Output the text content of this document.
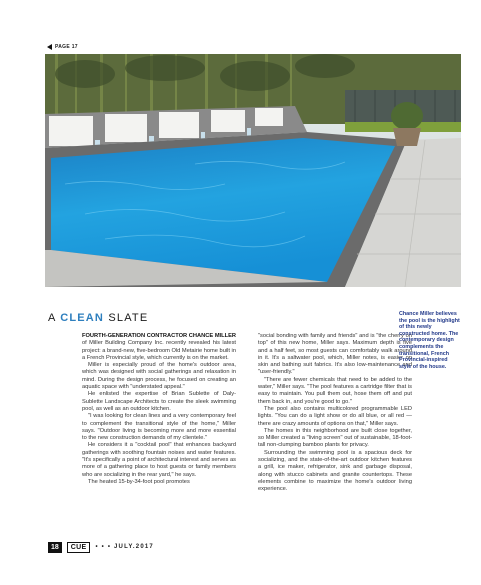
PAGE 17
A CLEAN SLATE

FOURTH-GENERATION CONTRACTOR CHANCE MILLER of Miller Building Company Inc. recently revealed his latest project: a brand-new, five-bedroom Old Metairie home built in a French Provincial style, which currently is on the market.

Miller is especially proud of the home's outdoor area, which was designed with social gatherings and relaxation in mind. During the design process, he focused on creating an aquatic space with "understated appeal."

He enlisted the expertise of Brian Sublette of Daly-Sublette Landscape Architects to create the sleek swimming pool, as well as an outdoor kitchen.

"I was looking for clean lines and a very contemporary feel to complement the transitional style of the home," Miller says. "Outdoor living is becoming more and more essential to the new construction demands of my clientele."

He considers it a "cocktail pool" that enhances backyard gatherings with soothing fountain noises and water features. "It's specifically a point of architectural interest and serves as more of a gathering place to host guests or family members who are socializing in the rear yard," he says.

The heated 15-by-34-foot pool promotes

"social bonding with family and friends" and is "the cherry on top" of this new home, Miller says. Maximum depth is five and a half feet, so most guests can comfortably walk around in it. It's a saltwater pool, which, Miller notes, is easier on skin and bathing suit fabrics. It's also low-maintenance and "user-friendly."

"There are fewer chemicals that need to be added to the water," Miller says. "The pool features a cartridge filter that is easy to maintain. You pull them out, hose them off and put them back in, and you're good to go."

The pool also contains multicolored programmable LED lights. "You can do a light show or do all blue, or all red — there are crazy amounts of options on that," Miller says.

The homes in this neighborhood are built close together, so Miller created a "living screen" out of sustainable, 18-foot-tall non-clumping bamboo plants for privacy.

Surrounding the swimming pool is a spacious deck for socializing, and the state-of-the-art outdoor kitchen features a grill, ice maker, refrigerator, sink and garbage disposal, along with stucco cabinets and granite countertops. These elements combine to maximize the home's outdoor living experience.

Chance Miller believes the pool is the highlight of this newly constructed home. The contemporary design complements the transitional, French Provincial-inspired style of the house.
18	CUE	• • • JULY.2017
